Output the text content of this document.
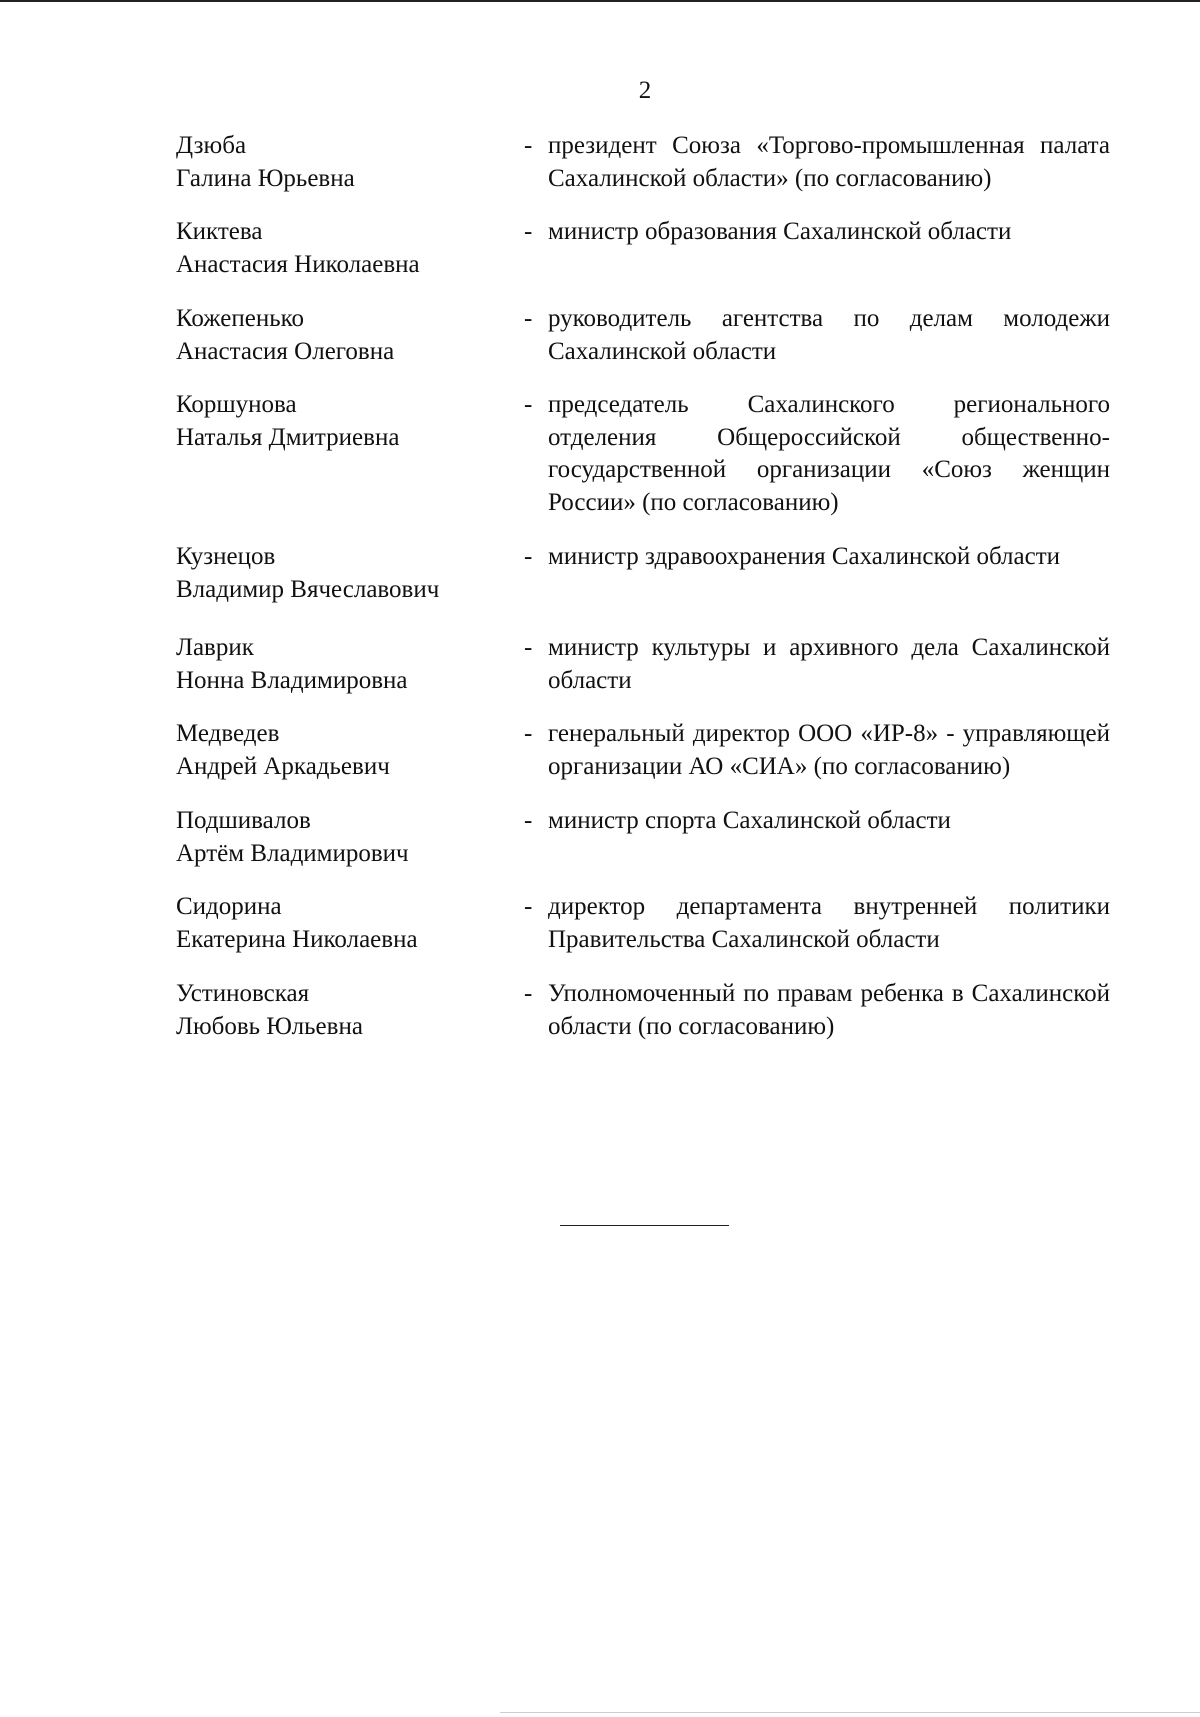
2
Дзюба
Галина Юрьевна
- президент Союза «Торгово-промышленная палата Сахалинской области» (по согласованию)
Киктева
Анастасия Николаевна
- министр образования Сахалинской области
Кожепенько
Анастасия Олеговна
- руководитель агентства по делам молодежи Сахалинской области
Коршунова
Наталья Дмитриевна
- председатель Сахалинского регионального отделения Общероссийской общественно-государственной организации «Союз женщин России» (по согласованию)
Кузнецов
Владимир Вячеславович
- министр здравоохранения Сахалинской области
Лаврик
Нонна Владимировна
- министр культуры и архивного дела Сахалинской области
Медведев
Андрей Аркадьевич
- генеральный директор ООО «ИР-8» - управляющей организации АО «СИА» (по согласованию)
Подшивалов
Артём Владимирович
- министр спорта Сахалинской области
Сидорина
Екатерина Николаевна
- директор департамента внутренней политики Правительства Сахалинской области
Устиновская
Любовь Юльевна
- Уполномоченный по правам ребенка в Сахалинской области (по согласованию)
